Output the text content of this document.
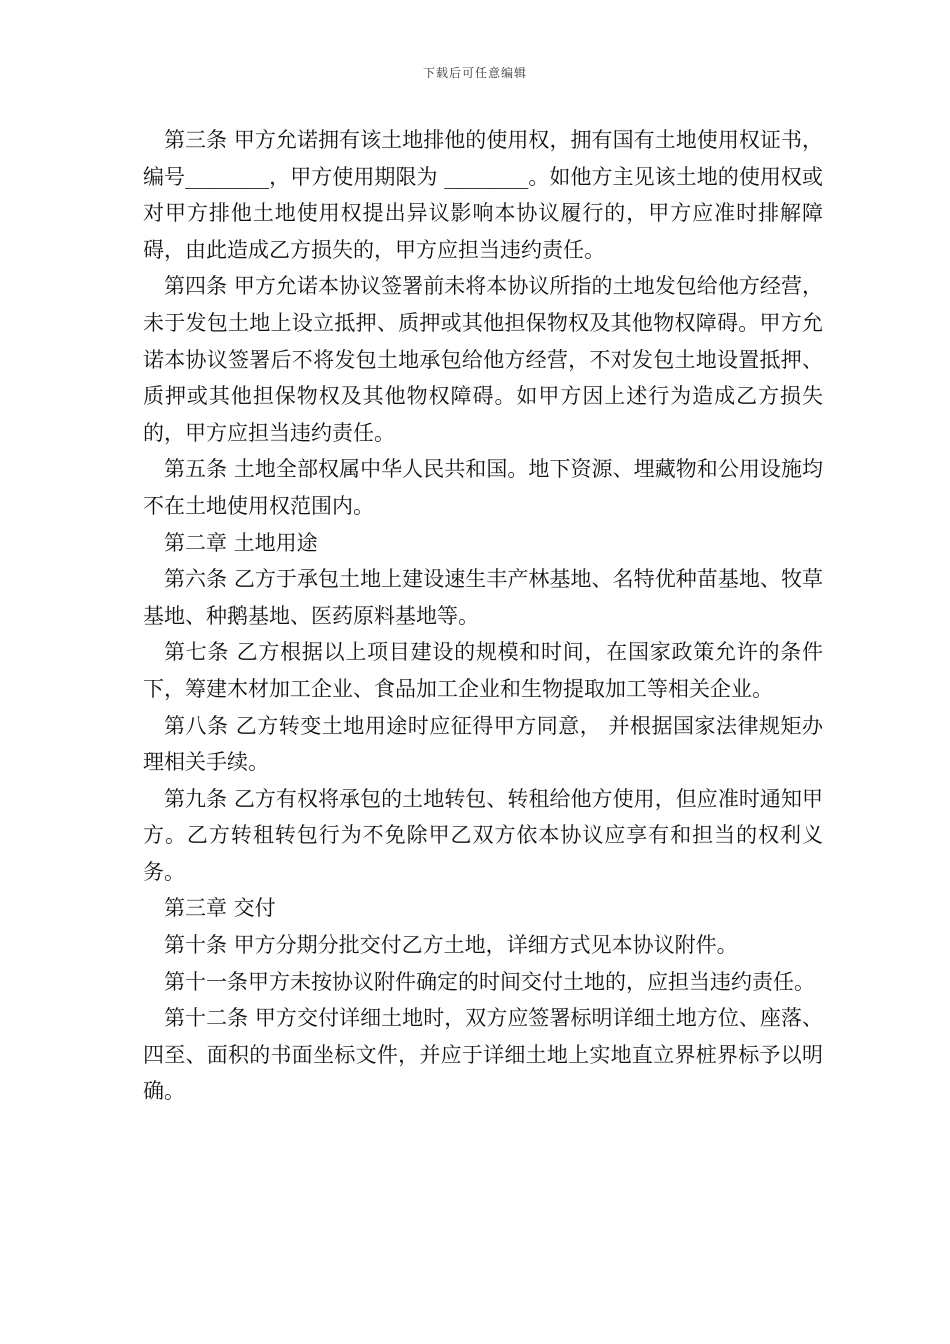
下载后可任意编辑

第三条 甲方允诺拥有该土地排他的使用权，拥有国有土地使用权证书，编号________，甲方使用期限为 ________。如他方主见该土地的使用权或对甲方排他土地使用权提出异议影响本协议履行的，甲方应准时排解障碍，由此造成乙方损失的，甲方应担当违约责任。

第四条 甲方允诺本协议签署前未将本协议所指的土地发包给他方经营，未于发包土地上设立抵押、质押或其他担保物权及其他物权障碍。甲方允诺本协议签署后不将发包土地承包给他方经营，不对发包土地设置抵押、质押或其他担保物权及其他物权障碍。如甲方因上述行为造成乙方损失的，甲方应担当违约责任。

第五条 土地全部权属中华人民共和国。地下资源、埋藏物和公用设施均不在土地使用权范围内。

第二章 土地用途

第六条 乙方于承包土地上建设速生丰产林基地、名特优种苗基地、牧草基地、种鹅基地、医药原料基地等。

第七条 乙方根据以上项目建设的规模和时间，在国家政策允许的条件下，筹建木材加工企业、食品加工企业和生物提取加工等相关企业。

第八条 乙方转变土地用途时应征得甲方同意， 并根据国家法律规矩办理相关手续。

第九条 乙方有权将承包的土地转包、转租给他方使用，但应准时通知甲方。乙方转租转包行为不免除甲乙双方依本协议应享有和担当的权利义务。

第三章 交付

第十条 甲方分期分批交付乙方土地，详细方式见本协议附件。

第十一条甲方未按协议附件确定的时间交付土地的，应担当违约责任。

第十二条 甲方交付详细土地时，双方应签署标明详细土地方位、座落、四至、面积的书面坐标文件，并应于详细土地上实地直立界桩界标予以明确。
